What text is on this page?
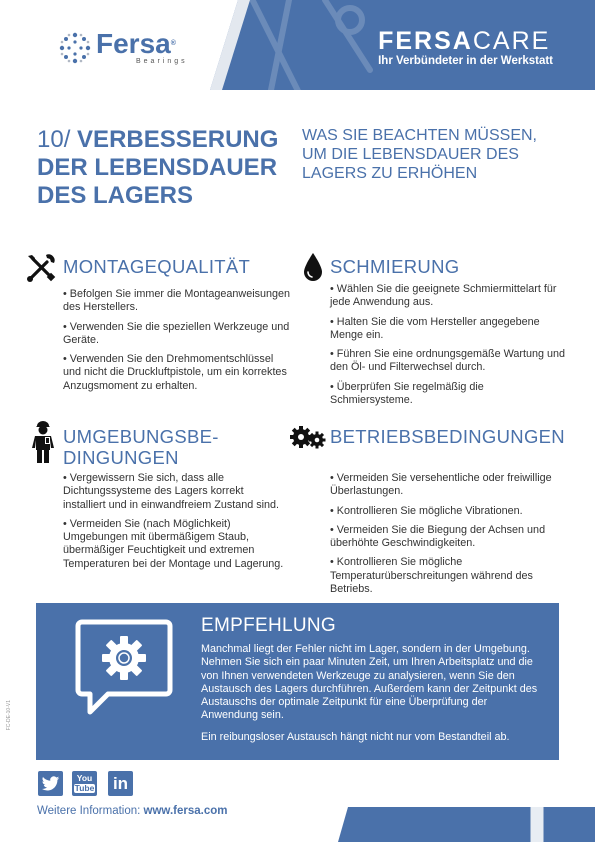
Fersa®
Bearings
FERSACARE
Ihr Verbündeter in der Werkstatt
10/ VERBESSERUNG
DER LEBENSDAUER
DES LAGERS
WAS SIE BEACHTEN MÜSSEN, UM DIE LEBENSDAUER DES LAGERS ZU ERHÖHEN
MONTAGEQUALITÄT

• Befolgen Sie immer die Montageanweisungen des Herstellers.

• Verwenden Sie die speziellen Werkzeuge und Geräte.

• Verwenden Sie den Drehmomentschlüssel und nicht die Druckluftpistole, um ein korrektes Anzugsmoment zu erhalten.

SCHMIERUNG

• Wählen Sie die geeignete Schmiermittelart für jede Anwendung aus.

• Halten Sie die vom Hersteller angegebene Menge ein.

• Führen Sie eine ordnungsgemäße Wartung und den Öl- und Filterwechsel durch.

• Überprüfen Sie regelmäßig die Schmiersysteme.

UMGEBUNGSBE-
DINGUNGEN

• Vergewissern Sie sich, dass alle Dichtungssysteme des Lagers korrekt installiert und in einwandfreiem Zustand sind.

• Vermeiden Sie (nach Möglichkeit) Umgebungen mit übermäßigem Staub, übermäßiger Feuchtigkeit und extremen Temperaturen bei der Montage und Lagerung.

BETRIEBSBEDINGUNGEN

• Vermeiden Sie versehentliche oder freiwillige Überlastungen.

• Kontrollieren Sie mögliche Vibrationen.

• Vermeiden Sie die Biegung der Achsen und überhöhte Geschwindigkeiten.

• Kontrollieren Sie mögliche Temperaturüberschreitungen während des Betriebs.

EMPFEHLUNG

Manchmal liegt der Fehler nicht im Lager, sondern in der Umgebung. Nehmen Sie sich ein paar Minuten Zeit, um Ihren Arbeitsplatz und die von Ihnen verwendeten Werkzeuge zu analysieren, wenn Sie den Austausch des Lagers durchführen. Außerdem kann der Zeitpunkt des Austauschs der optimale Zeitpunkt für eine Überprüfung der Anwendung sein.

Ein reibungsloser Austausch hängt nicht nur vom Bestandteil ab.

FC-DE-10-V1
You
Tube in
Weitere Information: www.fersa.com
